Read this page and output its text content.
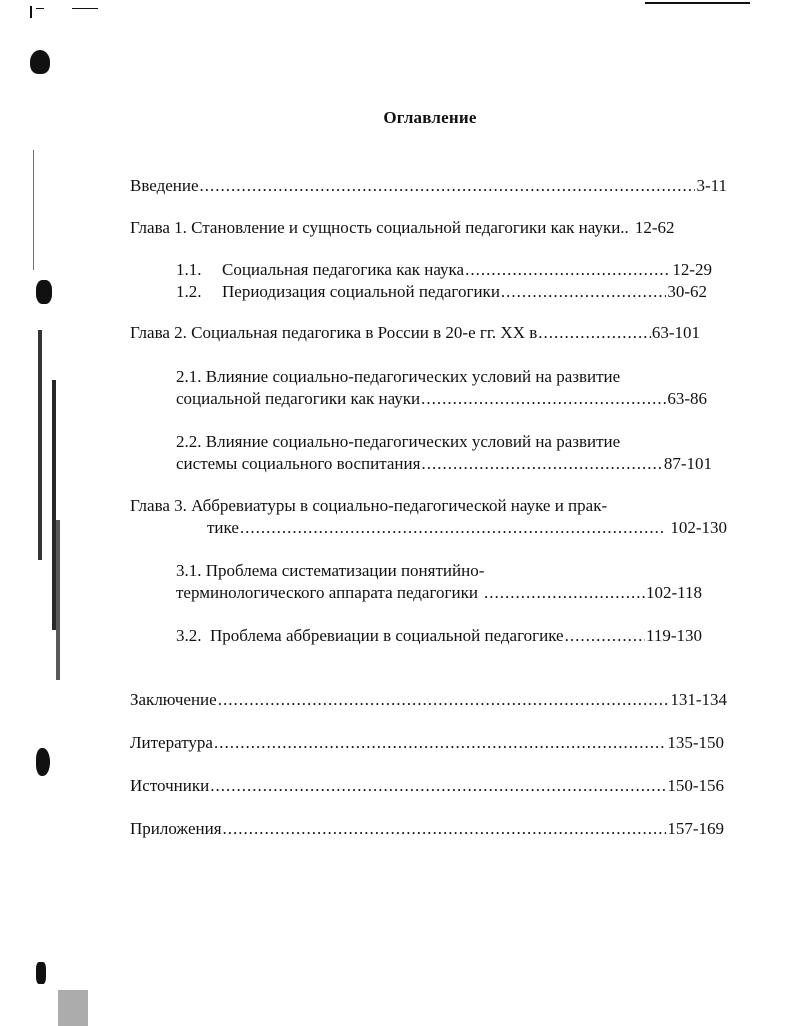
Оглавление
Введение .....	3-11
Глава 1. Становление и сущность социальной педагогики как науки.. 12-62
1.1.	Социальная педагогика как наука .....	12-29
1.2.	Периодизация социальной педагогики .....	30-62
Глава 2. Социальная педагогика в России в 20-е гг. XX в .....	63-101
2.1. Влияние социально-педагогических условий на развитие
социальной педагогики как науки .....	63-86
2.2. Влияние социально-педагогических условий на развитие
системы социального воспитания .....	87-101
Глава 3. Аббревиатуры в социально-педагогической науке и прак-
тике .....	102-130
3.1. Проблема систематизации понятийно-
терминологического аппарата педагогики .....	102-118
3.2.  Проблема аббревиации в социальной педагогике .....	119-130
Заключение .....	131-134
Литература .....	135-150
Источники .....	150-156
Приложения .....	157-169
